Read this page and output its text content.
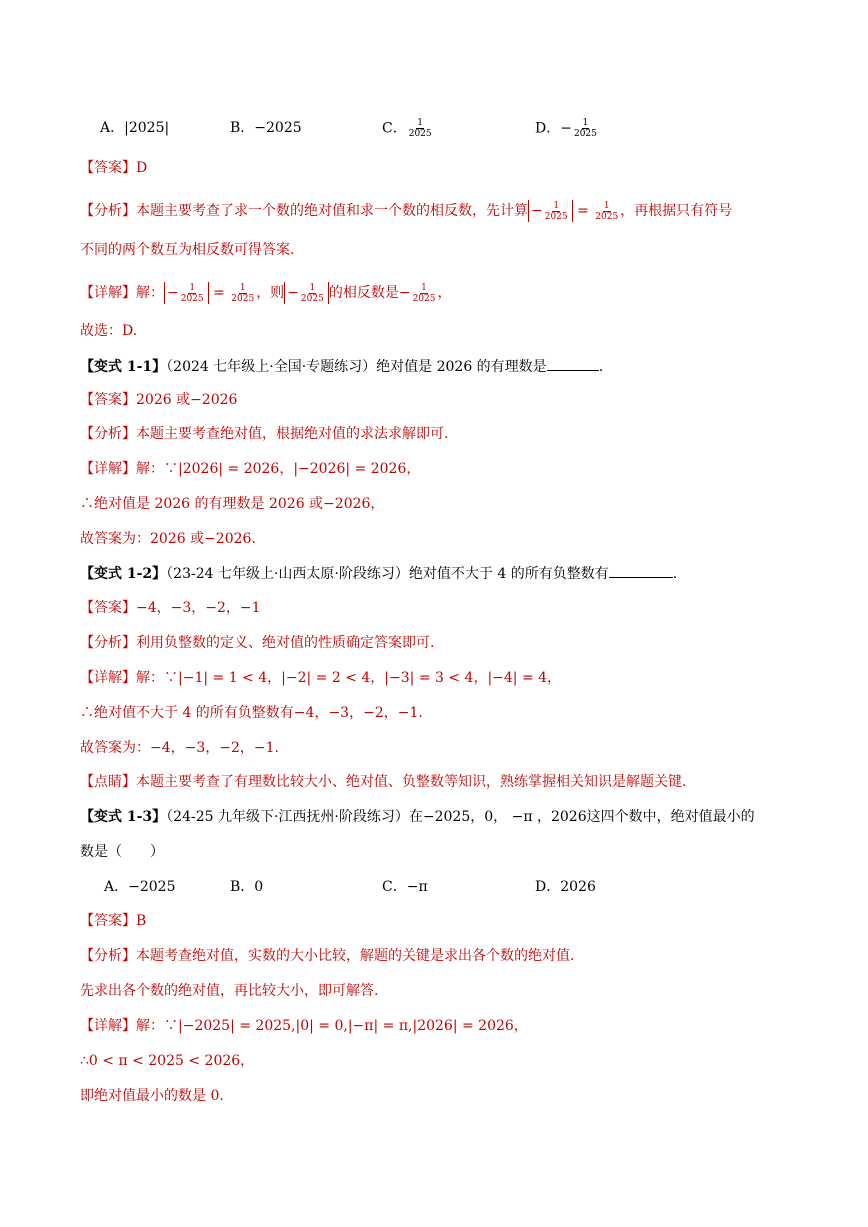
A．|2025|	B．−2025	C． $\frac{1}{2025}$	D．− $\frac{1}{2025}$
【答案】D
【分析】本题主要考查了求一个数的绝对值和求一个数的相反数，先计算 − $\frac{1}{2025} = \frac{1}{2025}$ ，再根据只有符号
不同的两个数互为相反数可得答案.
【详解】解： − $\frac{1}{2025} = \frac{1}{2025}$ ，则 − $\frac{1}{2025}$ 的相反数是− $\frac{1}{2025}$ ，
故选：D.
【变式 1-1】（2024 七年级上·全国·专题练习）绝对值是 2026 的有理数是	.
【答案】2026 或−2026
【分析】本题主要考查绝对值，根据绝对值的求法求解即可.
【详解】解：∵|2026| = 2026，|−2026| = 2026，
∴绝对值是 2026 的有理数是 2026 或−2026，
故答案为：2026 或−2026.
【变式 1-2】（23-24 七年级上·山西太原·阶段练习）绝对值不大于 4 的所有负整数有	.
【答案】−4，−3，−2，−1
【分析】利用负整数的定义、绝对值的性质确定答案即可.
【详解】解：∵|−1| = 1 < 4，|−2| = 2 < 4，|−3| = 3 < 4，|−4| = 4，
∴绝对值不大于 4 的所有负整数有−4，−3，−2，−1.
故答案为：−4，−3，−2，−1.
【点睛】本题主要考查了有理数比较大小、绝对值、负整数等知识，熟练掌握相关知识是解题关键.
【变式 1-3】（24-25 九年级下·江西抚州·阶段练习）在−2025，0， −π ，2026这四个数中，绝对值最小的
数是（　　）
A．−2025	B．0	C．−π	D．2026
【答案】B
【分析】本题考查绝对值，实数的大小比较，解题的关键是求出各个数的绝对值.
先求出各个数的绝对值，再比较大小，即可解答.
【详解】解：∵|−2025| = 2025,|0| = 0,|−π| = π,|2026| = 2026，
∴0 < π < 2025 < 2026，
即绝对值最小的数是 0.
